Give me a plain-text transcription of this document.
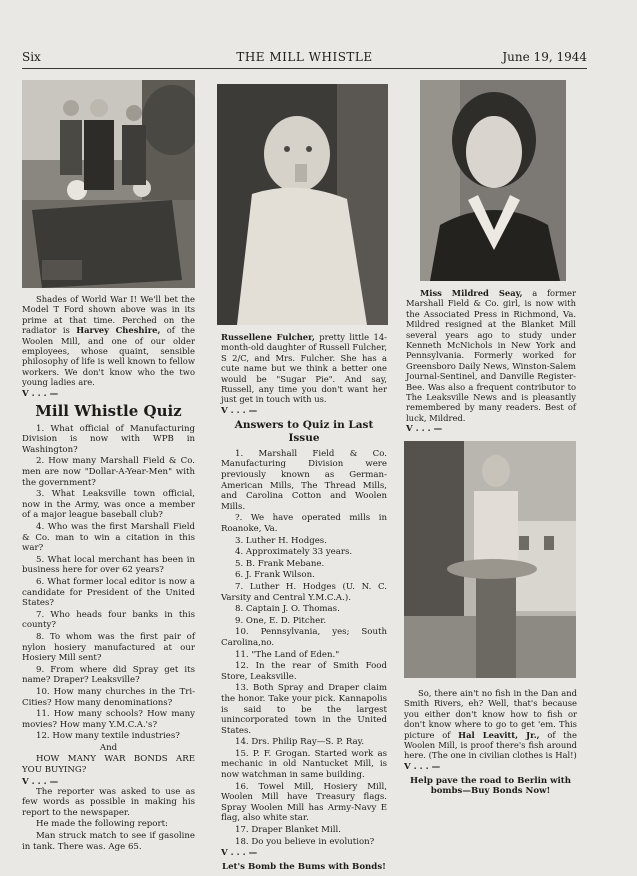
Six	THE MILL WHISTLE	June 19, 1944

Shades of World War I! We'll bet the Model T Ford shown above was in its prime at that time. Perched on the radiator is Harvey Cheshire, of the Woolen Mill, and one of our older employees, whose quaint, sensible philosophy of life is well known to fellow workers. We don't know who the two young ladies are.

V . . . —
Mill Whistle Quiz

1. What official of Manufacturing Division is now with WPB in Washington?

2. How many Marshall Field & Co. men are now "Dollar-A-Year-Men" with the government?

3. What Leaksville town official, now in the Army, was once a member of a major league baseball club?

4. Who was the first Marshall Field & Co. man to win a citation in this war?

5. What local merchant has been in business here for over 62 years?

6. What former local editor is now a candidate for President of the United States?

7. Who heads four banks in this county?

8. To whom was the first pair of nylon hosiery manufactured at our Hosiery Mill sent?

9. From where did Spray get its name? Draper? Leaksville?

10. How many churches in the Tri-Cities? How many denominations?

11. How many schools? How many movies? How many Y.M.C.A.'s?

12. How many textile industries?

And

HOW MANY WAR BONDS ARE YOU BUYING?

V . . . —

The reporter was asked to use as few words as possible in making his report to the newspaper.

He made the following report:

Man struck match to see if gasoline in tank. There was. Age 65.

Russellene Fulcher, pretty little 14-month-old daughter of Russell Fulcher, S 2/C, and Mrs. Fulcher. She has a cute name but we think a better one would be "Sugar Pie". And say, Russell, any time you don't want her just get in touch with us.

V . . . —
Answers to Quiz in Last Issue

1. Marshall Field & Co. Manufacturing Division were previously known as German-American Mills, The Thread Mills, and Carolina Cotton and Woolen Mills.

?. We have operated mills in Roanoke, Va.

3. Luther H. Hodges.

4. Approximately 33 years.

5. B. Frank Mebane.

6. J. Frank Wilson.

7. Luther H. Hodges (U. N. C. Varsity and Central Y.M.C.A.).

8. Captain J. O. Thomas.

9. One, E. D. Pitcher.

10. Pennsylvania, yes; South Carolina,no.

11. "The Land of Eden."

12. In the rear of Smith Food Store, Leaksville.

13. Both Spray and Draper claim the honor. Take your pick. Kannapolis is said to be the largest unincorporated town in the United States.

14. Drs. Philip Ray—S. P. Ray.

15. P. F. Grogan. Started work as mechanic in old Nantucket Mill, is now watchman in same building.

16. Towel Mill, Hosiery Mill, Woolen Mill have Treasury flags. Spray Woolen Mill has Army-Navy E flag, also white star.

17. Draper Blanket Mill.

18. Do you believe in evolution?

V . . . —
Let's Bomb the Bums with Bonds!

Miss Mildred Seay, a former Marshall Field & Co. girl, is now with the Associated Press in Richmond, Va. Mildred resigned at the Blanket Mill several years ago to study under Kenneth McNichols in New York and Pennsylvania. Formerly worked for Greensboro Daily News, Winston-Salem Journal-Sentinel, and Danville Register-Bee. Was also a frequent contributor to The Leaksville News and is pleasantly remembered by many readers. Best of luck, Mildred.

V . . . —

So, there ain't no fish in the Dan and Smith Rivers, eh? Well, that's because you either don't know how to fish or don't know where to go to get 'em. This picture of Hal Leavitt, Jr., of the Woolen Mill, is proof there's fish around here. (The one in civilian clothes is Hal!)

V . . . —
Help pave the road to Berlin with bombs—Buy Bonds Now!
